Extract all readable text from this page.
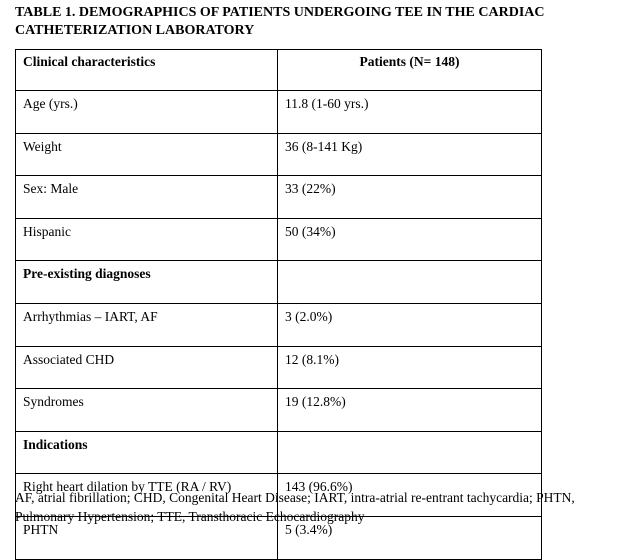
TABLE 1. DEMOGRAPHICS OF PATIENTS UNDERGOING TEE IN THE CARDIAC CATHETERIZATION LABORATORY
Clinical characteristics	Patients (N= 148)
Age (yrs.)	11.8 (1-60 yrs.)
Weight	36 (8-141 Kg)
Sex: Male	33 (22%)
Hispanic	50 (34%)
Pre-existing diagnoses	
Arrhythmias – IART, AF	3 (2.0%)
Associated CHD	12 (8.1%)
Syndromes	19 (12.8%)
Indications	
Right heart dilation by TTE (RA / RV)	143 (96.6%)
PHTN	5 (3.4%)
AF, atrial fibrillation; CHD, Congenital Heart Disease; IART, intra-atrial re-entrant tachycardia; PHTN, Pulmonary Hypertension; TTE, Transthoracic Echocardiography
